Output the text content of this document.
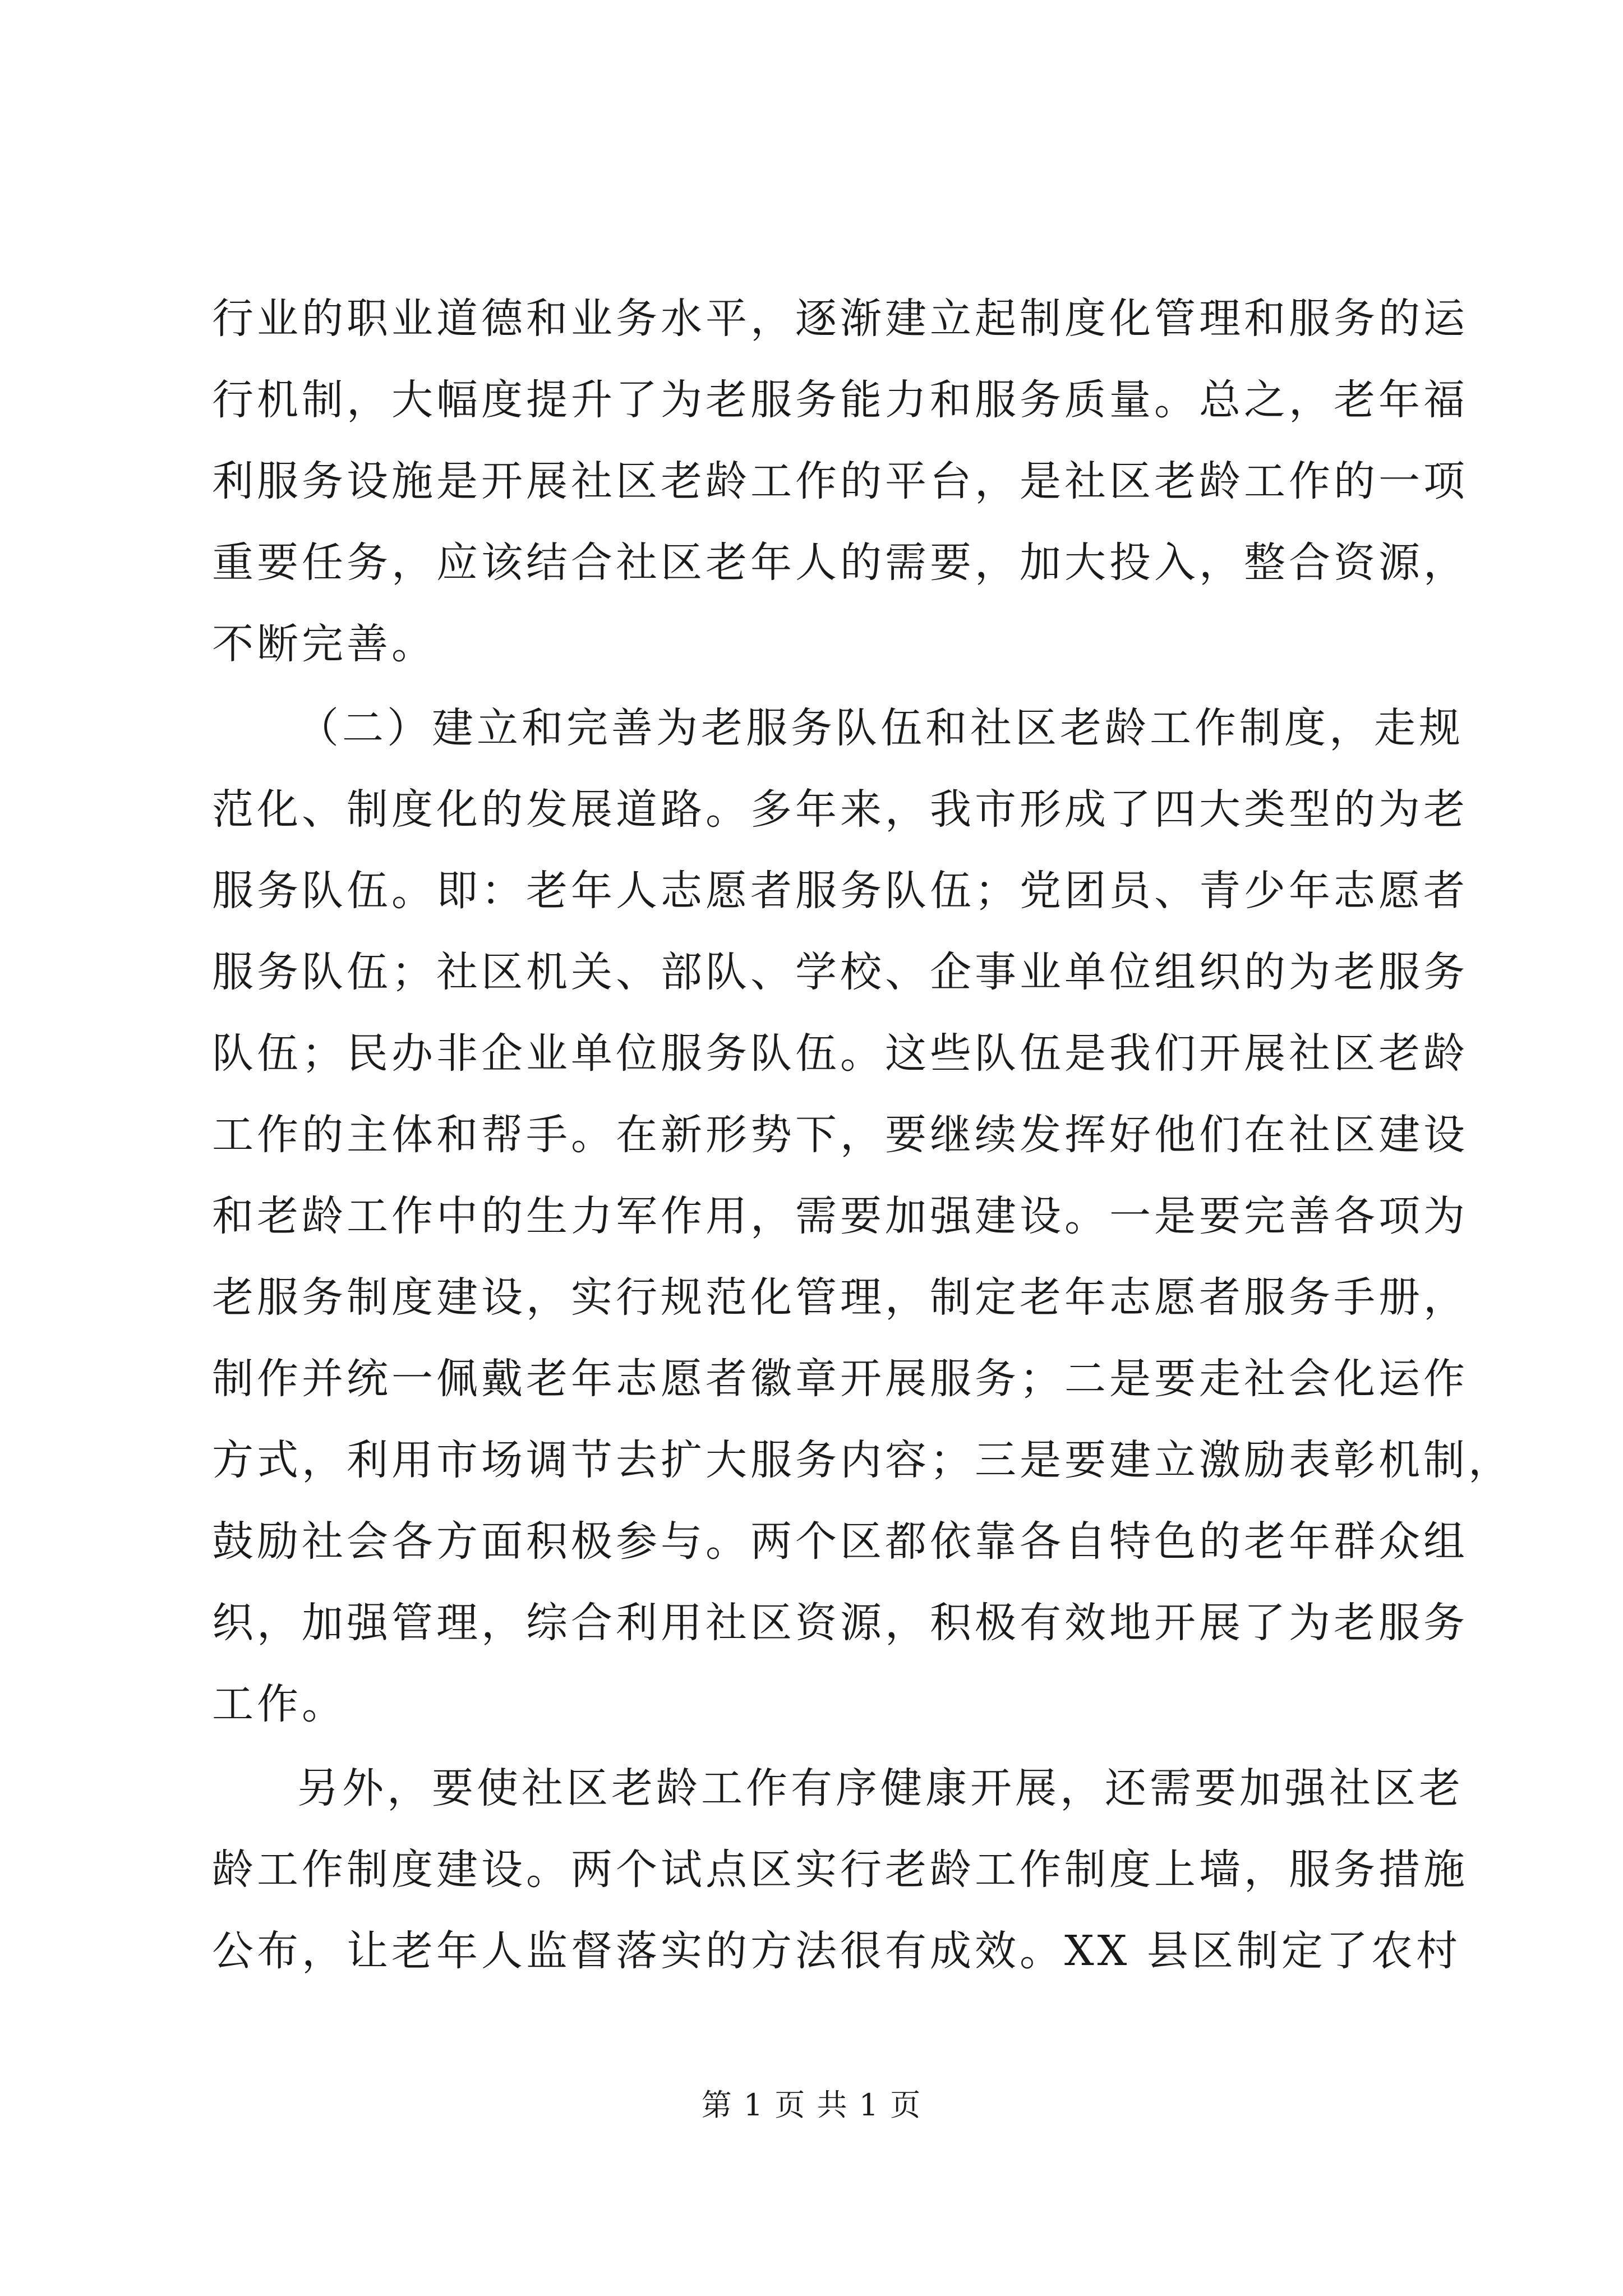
行业的职业道德和业务水平，逐渐建立起制度化管理和服务的运
行机制，大幅度提升了为老服务能力和服务质量。总之，老年福
利服务设施是开展社区老龄工作的平台，是社区老龄工作的一项
重要任务，应该结合社区老年人的需要，加大投入，整合资源，
不断完善。
（二）建立和完善为老服务队伍和社区老龄工作制度，走规
范化、制度化的发展道路。多年来，我市形成了四大类型的为老
服务队伍。即：老年人志愿者服务队伍；党团员、青少年志愿者
服务队伍；社区机关、部队、学校、企事业单位组织的为老服务
队伍；民办非企业单位服务队伍。这些队伍是我们开展社区老龄
工作的主体和帮手。在新形势下，要继续发挥好他们在社区建设
和老龄工作中的生力军作用，需要加强建设。一是要完善各项为
老服务制度建设，实行规范化管理，制定老年志愿者服务手册，
制作并统一佩戴老年志愿者徽章开展服务；二是要走社会化运作
方式，利用市场调节去扩大服务内容；三是要建立激励表彰机制，
鼓励社会各方面积极参与。两个区都依靠各自特色的老年群众组
织，加强管理，综合利用社区资源，积极有效地开展了为老服务
工作。
另外，要使社区老龄工作有序健康开展，还需要加强社区老
龄工作制度建设。两个试点区实行老龄工作制度上墙，服务措施
公布，让老年人监督落实的方法很有成效。XX 县区制定了农村
第 1 页 共 1 页
